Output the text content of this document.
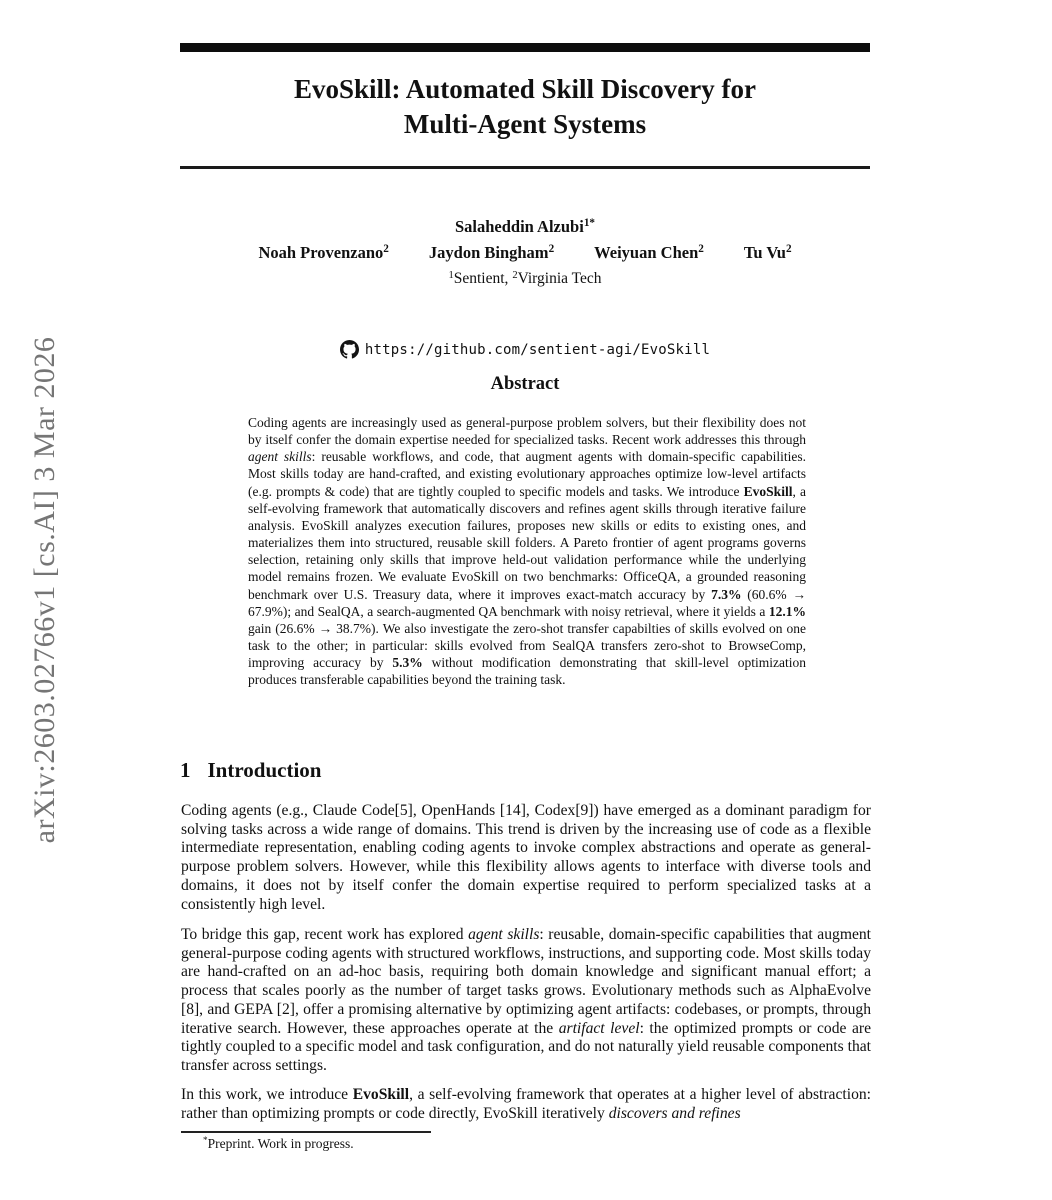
arXiv:2603.02766v1 [cs.AI] 3 Mar 2026
EvoSkill: Automated Skill Discovery for
Multi-Agent Systems
Salaheddin Alzubi$^{1*}$
Noah Provenzano$^2$ Jaydon Bingham$^2$ Weiyuan Chen$^2$ Tu Vu$^2$
$^1$Sentient, $^2$Virginia Tech
https://github.com/sentient-agi/EvoSkill
Abstract

Coding agents are increasingly used as general-purpose problem solvers, but their flexibility does not by itself confer the domain expertise needed for specialized tasks. Recent work addresses this through agent skills: reusable workflows, and code, that augment agents with domain-specific capabilities. Most skills today are hand-crafted, and existing evolutionary approaches optimize low-level artifacts (e.g. prompts & code) that are tightly coupled to specific models and tasks. We introduce EvoSkill, a self-evolving framework that automatically discovers and refines agent skills through iterative failure analysis. EvoSkill analyzes execution failures, proposes new skills or edits to existing ones, and materializes them into structured, reusable skill folders. A Pareto frontier of agent programs governs selection, retaining only skills that improve held-out validation performance while the underlying model remains frozen. We evaluate EvoSkill on two benchmarks: OfficeQA, a grounded reasoning benchmark over U.S. Treasury data, where it improves exact-match accuracy by 7.3% (60.6% → 67.9%); and SealQA, a search-augmented QA benchmark with noisy retrieval, where it yields a 12.1% gain (26.6% → 38.7%). We also investigate the zero-shot transfer capabilties of skills evolved on one task to the other; in particular: skills evolved from SealQA transfers zero-shot to BrowseComp, improving accuracy by 5.3% without modification demonstrating that skill-level optimization produces transferable capabilities beyond the training task.

1 Introduction

Coding agents (e.g., Claude Code[5], OpenHands [14], Codex[9]) have emerged as a dominant paradigm for solving tasks across a wide range of domains. This trend is driven by the increasing use of code as a flexible intermediate representation, enabling coding agents to invoke complex abstractions and operate as general-purpose problem solvers. However, while this flexibility allows agents to interface with diverse tools and domains, it does not by itself confer the domain expertise required to perform specialized tasks at a consistently high level.

To bridge this gap, recent work has explored agent skills: reusable, domain-specific capabilities that augment general-purpose coding agents with structured workflows, instructions, and supporting code. Most skills today are hand-crafted on an ad-hoc basis, requiring both domain knowledge and significant manual effort; a process that scales poorly as the number of target tasks grows. Evolutionary methods such as AlphaEvolve [8], and GEPA [2], offer a promising alternative by optimizing agent artifacts: codebases, or prompts, through iterative search. However, these approaches operate at the artifact level: the optimized prompts or code are tightly coupled to a specific model and task configuration, and do not naturally yield reusable components that transfer across settings.

In this work, we introduce EvoSkill, a self-evolving framework that operates at a higher level of abstraction: rather than optimizing prompts or code directly, EvoSkill iteratively discovers and refines

*Preprint. Work in progress.
